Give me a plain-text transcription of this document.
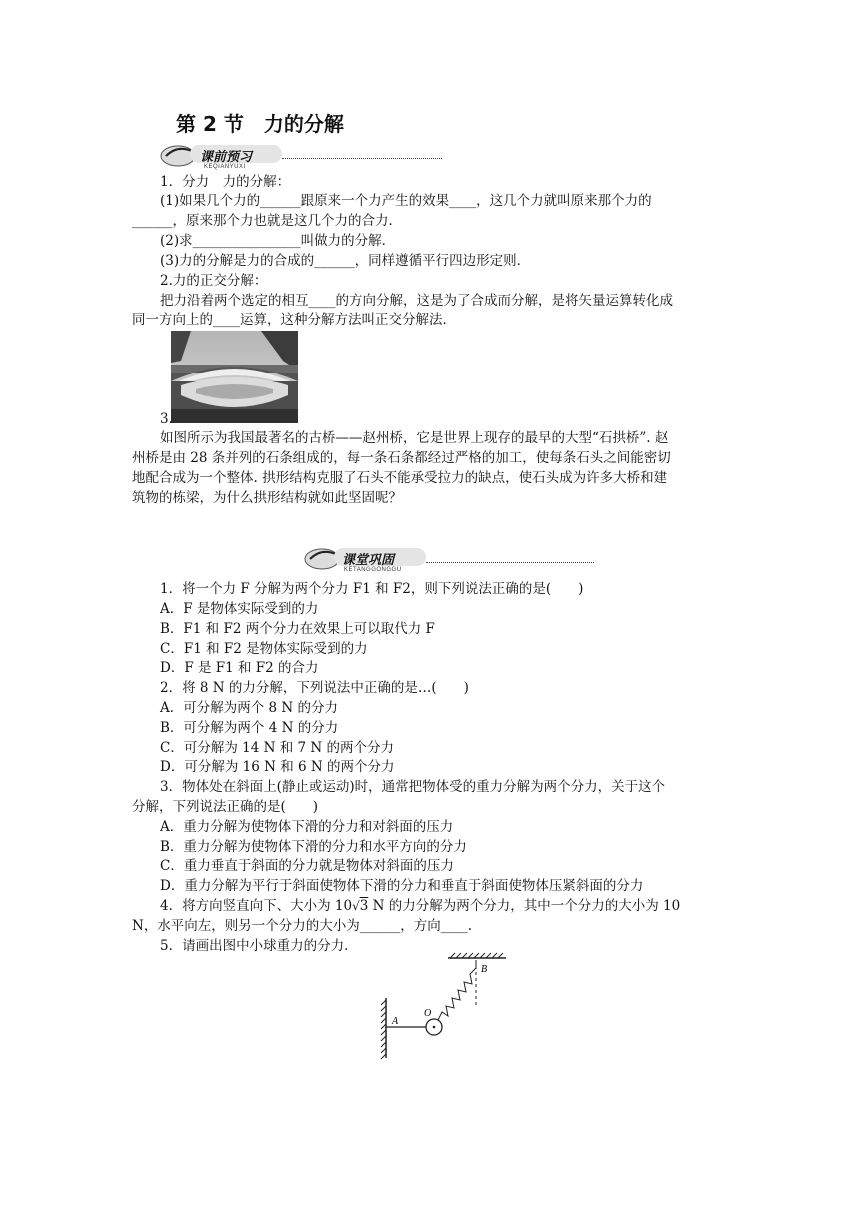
第 2 节　力的分解
课前预习
KEQIANYUXI
1．分力　力的分解：
(1)如果几个力的______跟原来一个力产生的效果____，这几个力就叫原来那个力的
______，原来那个力也就是这几个力的合力．
(2)求________________叫做力的分解．
(3)力的分解是力的合成的______，同样遵循平行四边形定则．
2.力的正交分解：
把力沿着两个选定的相互____的方向分解，这是为了合成而分解，是将矢量运算转化成
同一方向上的____运算，这种分解方法叫正交分解法．
3.
如图所示为我国最著名的古桥——赵州桥，它是世界上现存的最早的大型“石拱桥”. 赵
州桥是由 28 条并列的石条组成的，每一条石条都经过严格的加工，使每条石头之间能密切
地配合成为一个整体. 拱形结构克服了石头不能承受拉力的缺点，使石头成为许多大桥和建
筑物的栋梁，为什么拱形结构就如此坚固呢？
课堂巩固
KETANGGONGGU
1．将一个力 F 分解为两个分力 F1 和 F2，则下列说法正确的是(　　)
A．F 是物体实际受到的力
B．F1 和 F2 两个分力在效果上可以取代力 F
C．F1 和 F2 是物体实际受到的力
D．F 是 F1 和 F2 的合力
2．将 8 N 的力分解，下列说法中正确的是…(　　)
A．可分解为两个 8 N 的分力
B．可分解为两个 4 N 的分力
C．可分解为 14 N 和 7 N 的两个分力
D．可分解为 16 N 和 6 N 的两个分力
3．物体处在斜面上(静止或运动)时，通常把物体受的重力分解为两个分力，关于这个
分解，下列说法正确的是(　　)
A．重力分解为使物体下滑的分力和对斜面的压力
B．重力分解为使物体下滑的分力和水平方向的分力
C．重力垂直于斜面的分力就是物体对斜面的压力
D．重力分解为平行于斜面使物体下滑的分力和垂直于斜面使物体压紧斜面的分力
4．将方向竖直向下、大小为 10√3 N 的力分解为两个分力，其中一个分力的大小为 10
N，水平向左，则另一个分力的大小为______，方向____.
5．请画出图中小球重力的分力．
A
O
B
